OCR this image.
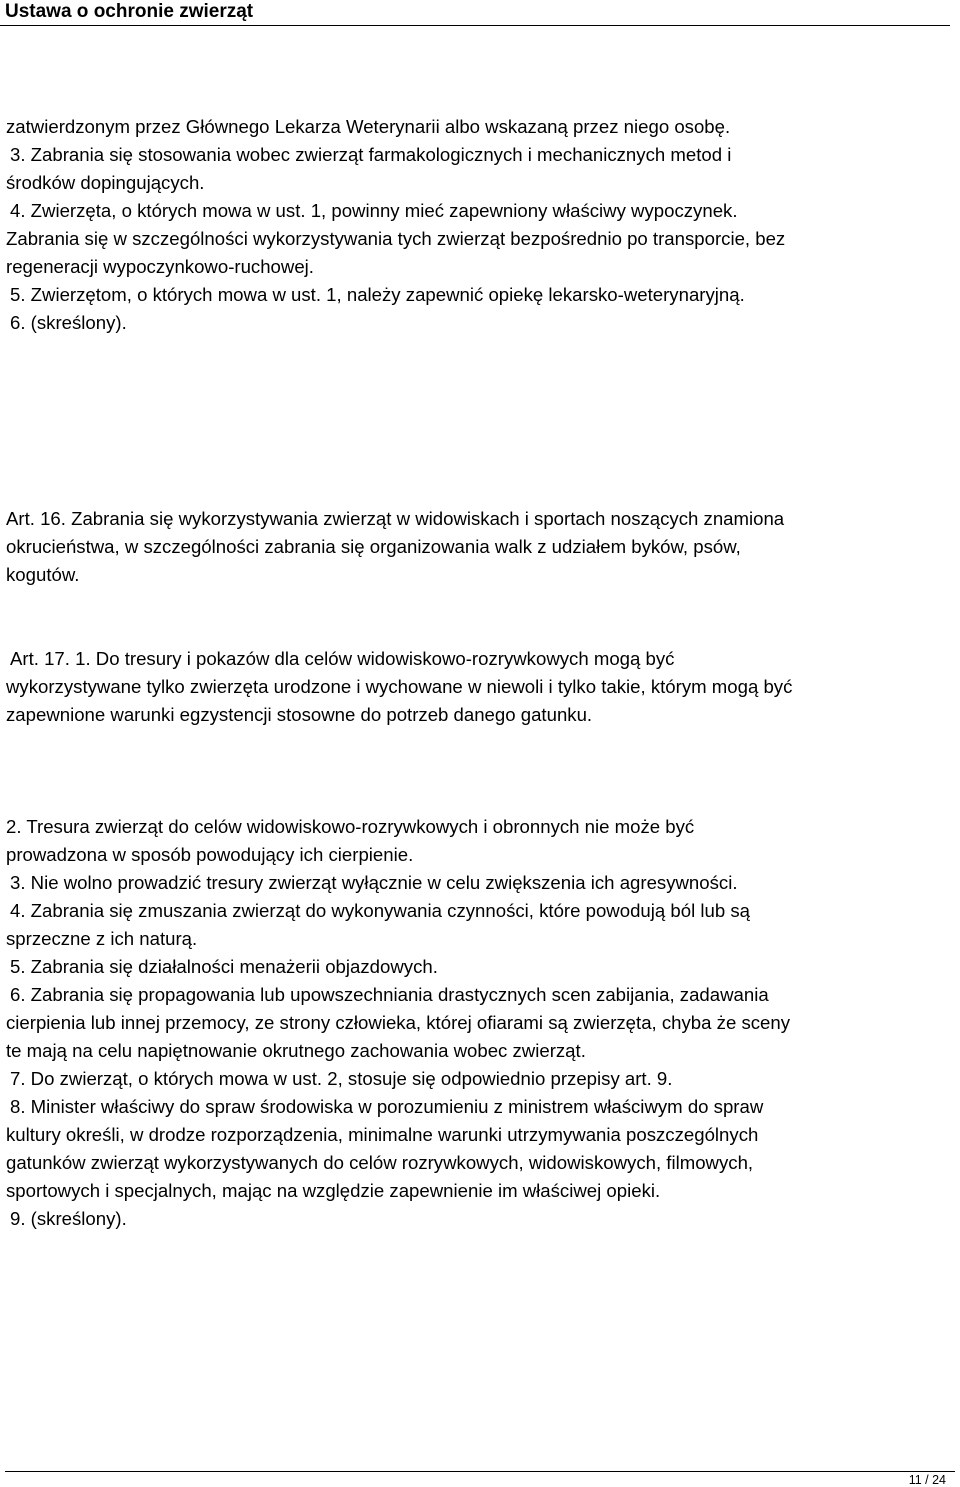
Ustawa o ochronie zwierząt
zatwierdzonym przez Głównego Lekarza Weterynarii albo wskazaną przez niego osobę.
3. Zabrania się stosowania wobec zwierząt farmakologicznych i mechanicznych metod i
środków dopingujących.
4. Zwierzęta, o których mowa w ust. 1, powinny mieć zapewniony właściwy wypoczynek.
Zabrania się w szczególności wykorzystywania tych zwierząt bezpośrednio po transporcie, bez
regeneracji wypoczynkowo-ruchowej.
5. Zwierzętom, o których mowa w ust. 1, należy zapewnić opiekę lekarsko-weterynaryjną.
6. (skreślony).
Art. 16. Zabrania się wykorzystywania zwierząt w widowiskach i sportach noszących znamiona
okrucieństwa, w szczególności zabrania się organizowania walk z udziałem byków, psów,
kogutów.
Art. 17. 1. Do tresury i pokazów dla celów widowiskowo-rozrywkowych mogą być
wykorzystywane tylko zwierzęta urodzone i wychowane w niewoli i tylko takie, którym mogą być
zapewnione warunki egzystencji stosowne do potrzeb danego gatunku.
2. Tresura zwierząt do celów widowiskowo-rozrywkowych i obronnych nie może być
prowadzona w sposób powodujący ich cierpienie.
3. Nie wolno prowadzić tresury zwierząt wyłącznie w celu zwiększenia ich agresywności.
4. Zabrania się zmuszania zwierząt do wykonywania czynności, które powodują ból lub są
sprzeczne z ich naturą.
5. Zabrania się działalności menażerii objazdowych.
6. Zabrania się propagowania lub upowszechniania drastycznych scen zabijania, zadawania
cierpienia lub innej przemocy, ze strony człowieka, której ofiarami są zwierzęta, chyba że sceny
te mają na celu napiętnowanie okrutnego zachowania wobec zwierząt.
7. Do zwierząt, o których mowa w ust. 2, stosuje się odpowiednio przepisy art. 9.
8. Minister właściwy do spraw środowiska w porozumieniu z ministrem właściwym do spraw
kultury określi, w drodze rozporządzenia, minimalne warunki utrzymywania poszczególnych
gatunków zwierząt wykorzystywanych do celów rozrywkowych, widowiskowych, filmowych,
sportowych i specjalnych, mając na względzie zapewnienie im właściwej opieki.
9. (skreślony).
11 / 24
